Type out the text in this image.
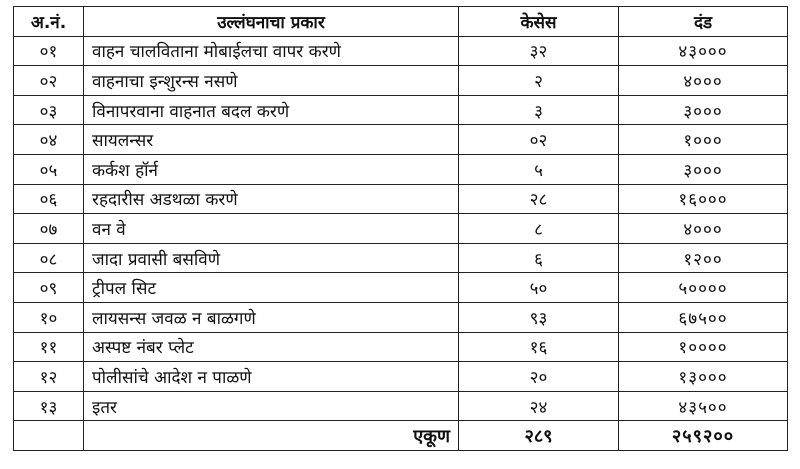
अ.नं.	उल्लंघनाचा प्रकार	केसेस	दंड
०१	वाहन चालविताना मोबाईलचा वापर करणे	३२	४३०००
०२	वाहनाचा इन्शुरन्स नसणे	२	४०००
०३	विनापरवाना वाहनात बदल करणे	३	३०००
०४	सायलन्सर	०२	१०००
०५	कर्कश हॉर्न	५	३०००
०६	रहदारीस अडथळा करणे	२८	१६०००
०७	वन वे	८	४०००
०८	जादा प्रवासी बसविणे	६	१२००
०९	ट्रीपल सिट	५०	५००००
१०	लायसन्स जवळ न बाळगणे	९३	६७५००
११	अस्पष्ट नंबर प्लेट	१६	१००००
१२	पोलीसांचे आदेश न पाळणे	२०	१३०००
१३	इतर	२४	४३५००
	एकूण	२८९	२५९२००
